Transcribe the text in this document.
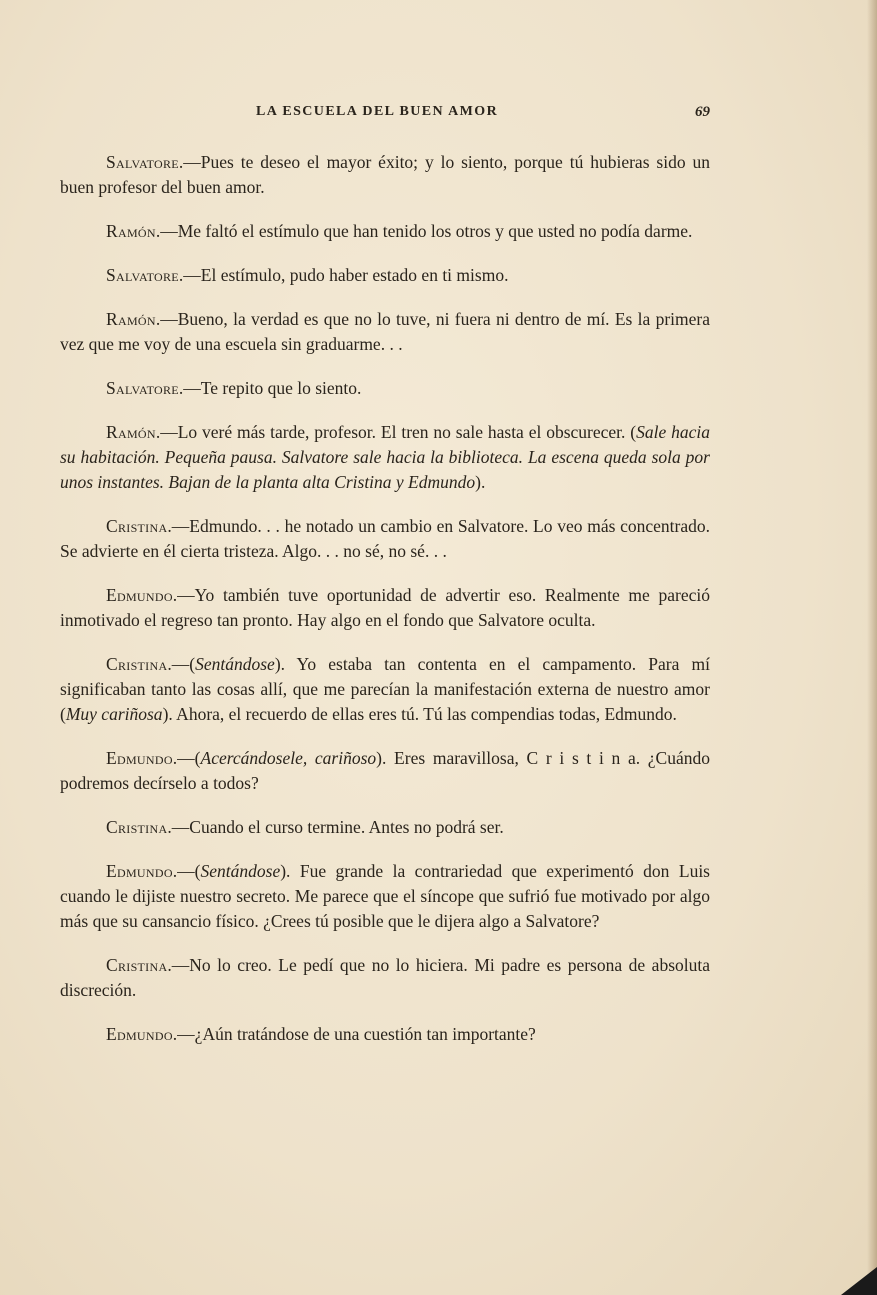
LA ESCUELA DEL BUEN AMOR	69

Salvatore.—Pues te deseo el mayor éxito; y lo siento, porque tú hubieras sido un buen profesor del buen amor.

Ramón.—Me faltó el estímulo que han tenido los otros y que usted no podía darme.

Salvatore.—El estímulo, pudo haber estado en ti mismo.

Ramón.—Bueno, la verdad es que no lo tuve, ni fuera ni dentro de mí. Es la primera vez que me voy de una escuela sin graduarme. . .

Salvatore.—Te repito que lo siento.

Ramón.—Lo veré más tarde, profesor. El tren no sale hasta el obscurecer. (Sale hacia su habitación. Pequeña pausa. Salvatore sale hacia la biblioteca. La escena queda sola por unos instantes. Bajan de la planta alta Cristina y Edmundo).

Cristina.—Edmundo. . . he notado un cambio en Salvatore. Lo veo más concentrado. Se advierte en él cierta tristeza. Algo. . . no sé, no sé. . .

Edmundo.—Yo también tuve oportunidad de advertir eso. Realmente me pareció inmotivado el regreso tan pronto. Hay algo en el fondo que Salvatore oculta.

Cristina.—(Sentándose). Yo estaba tan contenta en el campamento. Para mí significaban tanto las cosas allí, que me parecían la manifestación externa de nuestro amor (Muy cariñosa). Ahora, el recuerdo de ellas eres tú. Tú las compendias todas, Edmundo.

Edmundo.—(Acercándosele, cariñoso). Eres maravillosa, C r i s t i n a. ¿Cuándo podremos decírselo a todos?

Cristina.—Cuando el curso termine. Antes no podrá ser.

Edmundo.—(Sentándose). Fue grande la contrariedad que experimentó don Luis cuando le dijiste nuestro secreto. Me parece que el síncope que sufrió fue motivado por algo más que su cansancio físico. ¿Crees tú posible que le dijera algo a Salvatore?

Cristina.—No lo creo. Le pedí que no lo hiciera. Mi padre es persona de absoluta discreción.

Edmundo.—¿Aún tratándose de una cuestión tan importante?
